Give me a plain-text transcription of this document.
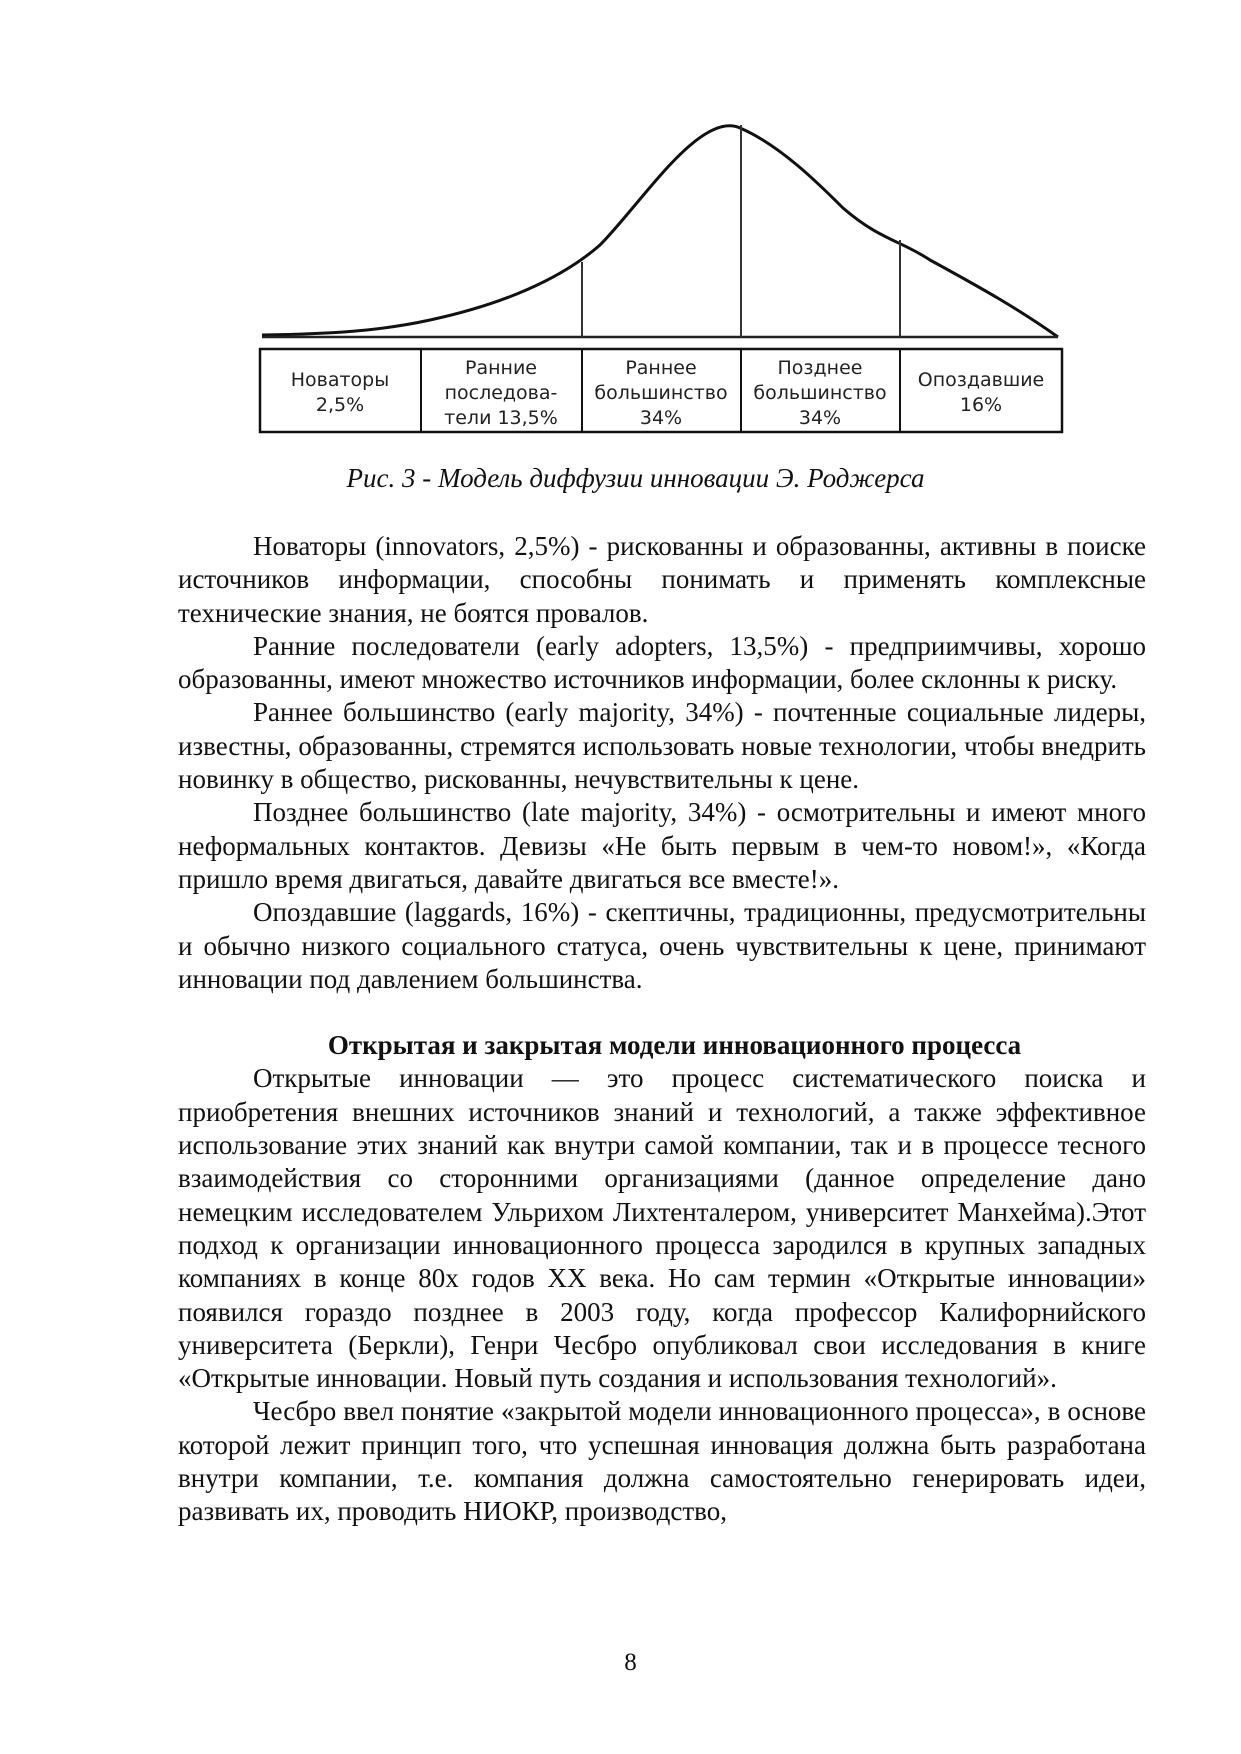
Новаторы
2,5%
Ранние
последова-
тели 13,5%
Раннее
большинство
34%
Позднее
большинство
34%
Опоздавшие
16%
Рис. 3 - Модель диффузии инновации Э. Роджерса

Новаторы (innovators, 2,5%) - рискованны и образованны, активны в поиске источников информации, способны понимать и применять комплексные технические знания, не боятся провалов.

Ранние последователи (early adopters, 13,5%) - предприимчивы, хорошо образованны, имеют множество источников информации, более склонны к риску.

Раннее большинство (early majority, 34%) - почтенные социальные лидеры, известны, образованны, стремятся использовать новые технологии, чтобы внедрить новинку в общество, рискованны, нечувствительны к цене.

Позднее большинство (late majority, 34%) - осмотрительны и имеют много неформальных контактов. Девизы «Не быть первым в чем-то новом!», «Когда пришло время двигаться, давайте двигаться все вместе!».

Опоздавшие (laggards, 16%) - скептичны, традиционны, предусмотрительны и обычно низкого социального статуса, очень чувствительны к цене, принимают инновации под давлением большинства.

Открытая и закрытая модели инновационного процесса

Открытые инновации — это процесс систематического поиска и приобретения внешних источников знаний и технологий, а также эффективное использование этих знаний как внутри самой компании, так и в процессе тесного взаимодействия со сторонними организациями (данное определение дано немецким исследователем Ульрихом Лихтенталером, университет Манхейма).Этот подход к организации инновационного процесса зародился в крупных западных компаниях в конце 80х годов XX века. Но сам термин «Открытые инновации» появился гораздо позднее в 2003 году, когда профессор Калифорнийского университета (Беркли), Генри Чесбро опубликовал свои исследования в книге «Открытые инновации. Новый путь создания и использования технологий».

Чесбро ввел понятие «закрытой модели инновационного процесса», в основе которой лежит принцип того, что успешная инновация должна быть разработана внутри компании, т.е. компания должна самостоятельно генерировать идеи, развивать их, проводить НИОКР, производство,

8
